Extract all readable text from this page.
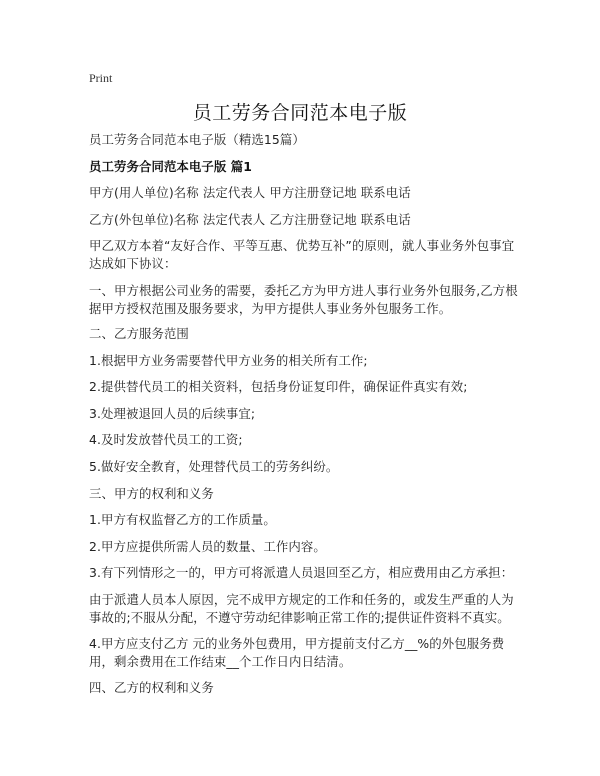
Print
员工劳务合同范本电子版
员工劳务合同范本电子版（精选15篇）
员工劳务合同范本电子版 篇1
甲方(用人单位)名称 法定代表人 甲方注册登记地 联系电话
乙方(外包单位)名称 法定代表人 乙方注册登记地 联系电话
甲乙双方本着“友好合作、平等互惠、优势互补”的原则，就人事业务外包事宜达成如下协议：
一、甲方根据公司业务的需要，委托乙方为甲方进人事行业务外包服务,乙方根据甲方授权范围及服务要求，为甲方提供人事业务外包服务工作。
二、乙方服务范围
1.根据甲方业务需要替代甲方业务的相关所有工作;
2.提供替代员工的相关资料，包括身份证复印件，确保证件真实有效;
3.处理被退回人员的后续事宜;
4.及时发放替代员工的工资;
5.做好安全教育，处理替代员工的劳务纠纷。
三、甲方的权利和义务
1.甲方有权监督乙方的工作质量。
2.甲方应提供所需人员的数量、工作内容。
3.有下列情形之一的，甲方可将派遣人员退回至乙方，相应费用由乙方承担：
由于派遣人员本人原因，完不成甲方规定的工作和任务的，或发生严重的人为事故的;不服从分配，不遵守劳动纪律影响正常工作的;提供证件资料不真实。
4.甲方应支付乙方 元的业务外包费用，甲方提前支付乙方__%的外包服务费用，剩余费用在工作结束__个工作日内日结清。
四、乙方的权利和义务
